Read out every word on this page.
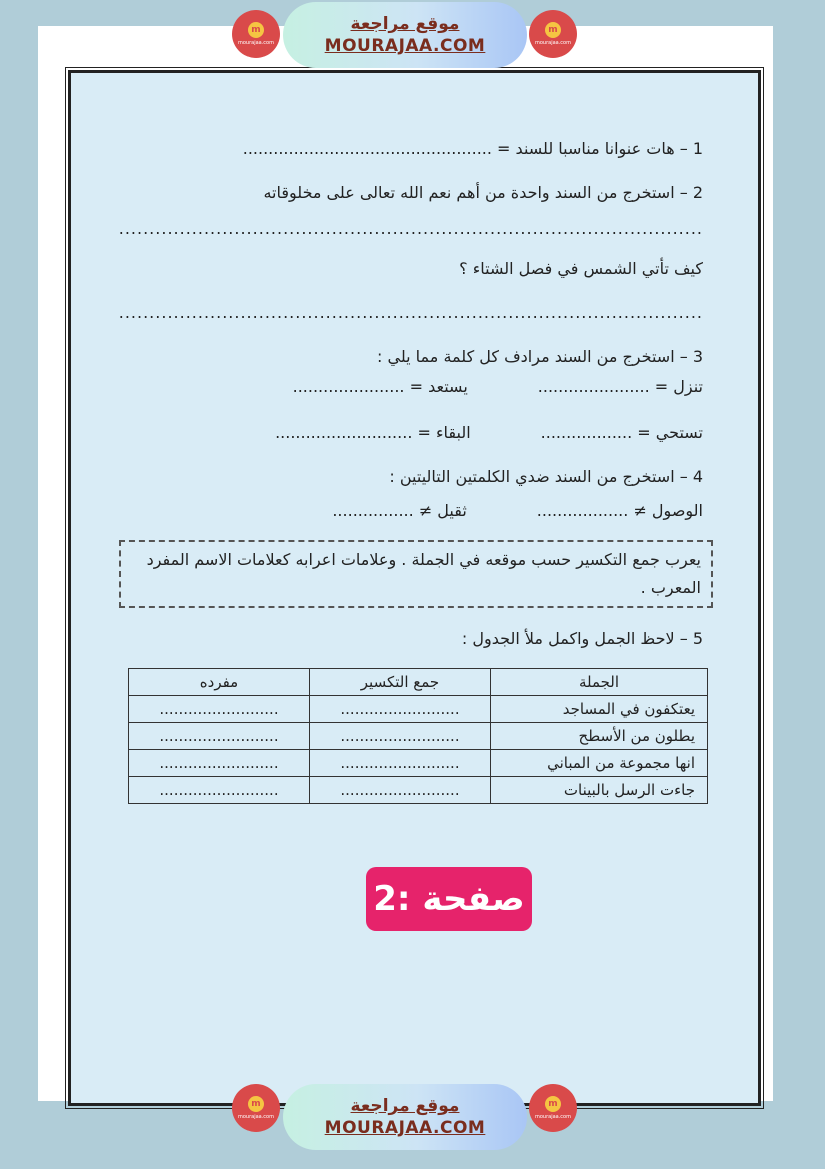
m
mourajaa.com
موقع مراجعة
MOURAJAA.COM
m
mourajaa.com
1 – هات عنوانا مناسبا للسند = .................................................
2 – استخرج من السند واحدة من أهم نعم الله تعالى على مخلوقاته
................................................................................................
كيف تأتي الشمس في فصل الشتاء ؟
................................................................................................
3 – استخرج من السند مرادف كل كلمة مما يلي :
تنزل = ......................
يستعد = ......................
تستحي = ..................
البقاء = ...........................
4 – استخرج من السند ضدي الكلمتين التاليتين :
الوصول ≠ ..................
ثقيل ≠ ................
يعرب جمع التكسير حسب موقعه في الجملة . وعلامات اعرابه كعلامات الاسم المفرد المعرب .
5 – لاحظ الجمل واكمل ملأ الجدول :
الجملة	جمع التكسير	مفرده
يعتكفون في المساجد	.........................	.........................
يطلون من الأسطح	.........................	.........................
انها مجموعة من المباني	.........................	.........................
جاءت الرسل بالبينات	.........................	.........................
صفحة :2
m
mourajaa.com
موقع مراجعة
MOURAJAA.COM
m
mourajaa.com
